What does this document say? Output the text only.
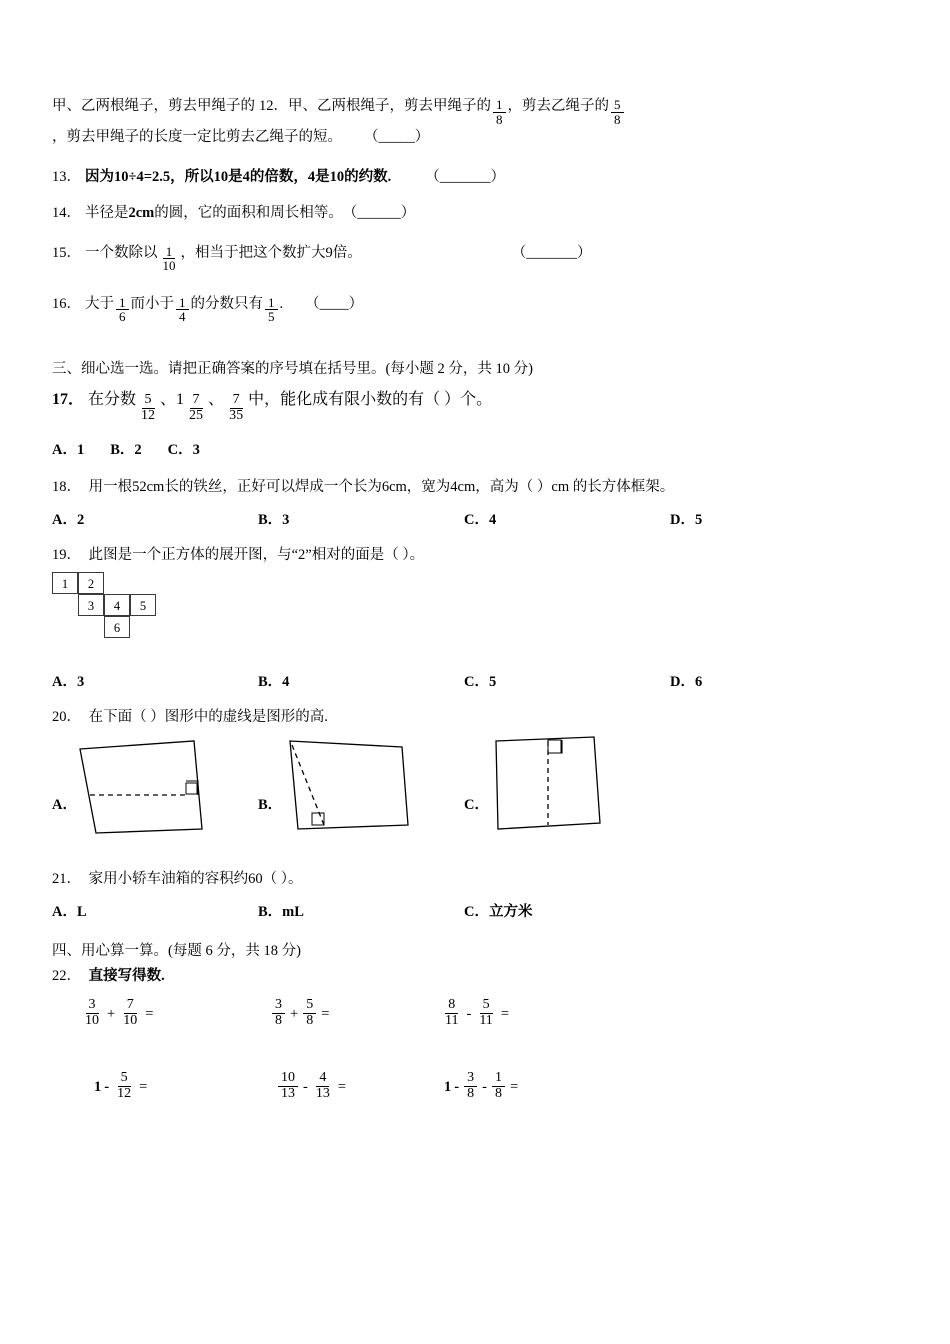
甲、乙两根绳子，剪去甲绳子的 12． 甲、乙两根绳子，剪去甲绳子的 $\frac{1}{8}$ ，剪去乙绳子的 $\frac{5}{8}$
，剪去甲绳子的长度一定比剪去乙绳子的短。 （_____）
13． 因为10÷4=2.5，所以10是4的倍数，4是10的约数. （_______）
14． 半径是 2cm 的圆，它的面积和周长相等。 （______）
15． 一个数除以 $\frac{1}{10}$ ，相当于把这个数扩大9倍。	（_______）
16． 大于 $\frac{1}{6}$ 而小于 $\frac{1}{4}$ 的分数只有 $\frac{1}{5}$ . （____）
三、细心选一选。请把正确答案的序号填在括号里。(每小题 2 分，共 10 分)
17． 在分数 $\frac{5}{12}$ 、$1 \frac{7}{25}$ 、 $\frac{7}{35}$ 中，能化成有限小数的有（ ）个。
A．1 B．2 C．3
18． 用一根52cm长的铁丝，正好可以焊成一个长为6cm，宽为4cm，高为（ ）cm 的长方体框架。
A．2	B．3	C．4	D．5
19． 此图是一个正方体的展开图，与“2”相对的面是（ ）。
1	2
3	4	5
6
A．3	B．4	C．5	D．6
20． 在下面（ ）图形中的虚线是图形的高.
A．	B．	C．
21． 家用小轿车油箱的容积约60（ ）。
A．L	B．mL	C．立方米
四、用心算一算。(每题 6 分，共 18 分)
22． 直接写得数.
$\frac{3}{10} + \frac{7}{10}$ =	$\frac{3}{8} + \frac{5}{8}$ =	$\frac{8}{11} - \frac{5}{11}$ =
$1 - \frac{5}{12}$ =	$\frac{10}{13} - \frac{4}{13}$ =	$1 - \frac{3}{8} - \frac{1}{8}$ =
